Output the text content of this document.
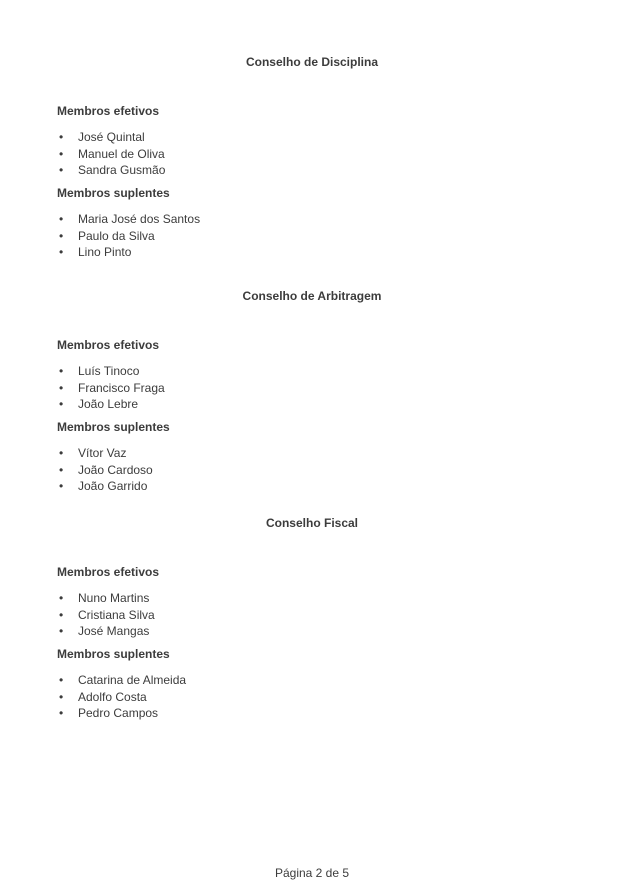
Conselho de Disciplina
Membros efetivos
• José Quintal
• Manuel de Oliva
• Sandra Gusmão
Membros suplentes
• Maria José dos Santos
• Paulo da Silva
• Lino Pinto
Conselho de Arbitragem
Membros efetivos
• Luís Tinoco
• Francisco Fraga
• João Lebre
Membros suplentes
• Vítor Vaz
• João Cardoso
• João Garrido
Conselho Fiscal
Membros efetivos
• Nuno Martins
• Cristiana Silva
• José Mangas
Membros suplentes
• Catarina de Almeida
• Adolfo Costa
• Pedro Campos
Página 2 de 5
